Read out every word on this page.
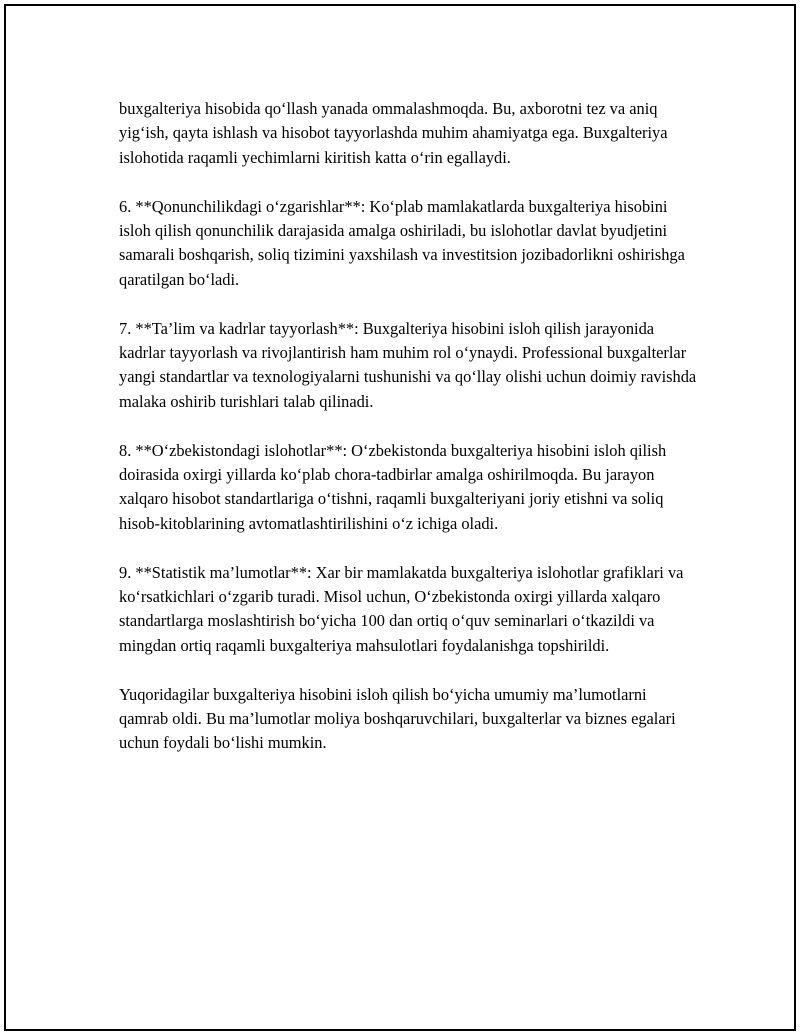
buxgalteriya hisobida qo‘llash yanada ommalashmoqda. Bu, axborotni tez va aniq yig‘ish, qayta ishlash va hisobot tayyorlashda muhim ahamiyatga ega. Buxgalteriya islohotida raqamli yechimlarni kiritish katta o‘rin egallaydi.

6. **Qonunchilikdagi o‘zgarishlar**: Ko‘plab mamlakatlarda buxgalteriya hisobini isloh qilish qonunchilik darajasida amalga oshiriladi, bu islohotlar davlat byudjetini samarali boshqarish, soliq tizimini yaxshilash va investitsion jozibadorlikni oshirishga qaratilgan bo‘ladi.

7. **Ta’lim va kadrlar tayyorlash**: Buxgalteriya hisobini isloh qilish jarayonida kadrlar tayyorlash va rivojlantirish ham muhim rol o‘ynaydi. Professional buxgalterlar yangi standartlar va texnologiyalarni tushunishi va qo‘llay olishi uchun doimiy ravishda malaka oshirib turishlari talab qilinadi.

8. **O‘zbekistondagi islohotlar**: O‘zbekistonda buxgalteriya hisobini isloh qilish doirasida oxirgi yillarda ko‘plab chora-tadbirlar amalga oshirilmoqda. Bu jarayon xalqaro hisobot standartlariga o‘tishni, raqamli buxgalteriyani joriy etishni va soliq hisob-kitoblarining avtomatlashtirilishini o‘z ichiga oladi.

9. **Statistik ma’lumotlar**: Xar bir mamlakatda buxgalteriya islohotlar grafiklari va ko‘rsatkichlari o‘zgarib turadi. Misol uchun, O‘zbekistonda oxirgi yillarda xalqaro standartlarga moslashtirish bo‘yicha 100 dan ortiq o‘quv seminarlari o‘tkazildi va mingdan ortiq raqamli buxgalteriya mahsulotlari foydalanishga topshirildi.

Yuqoridagilar buxgalteriya hisobini isloh qilish bo‘yicha umumiy ma’lumotlarni qamrab oldi. Bu ma’lumotlar moliya boshqaruvchilari, buxgalterlar va biznes egalari uchun foydali bo‘lishi mumkin.
